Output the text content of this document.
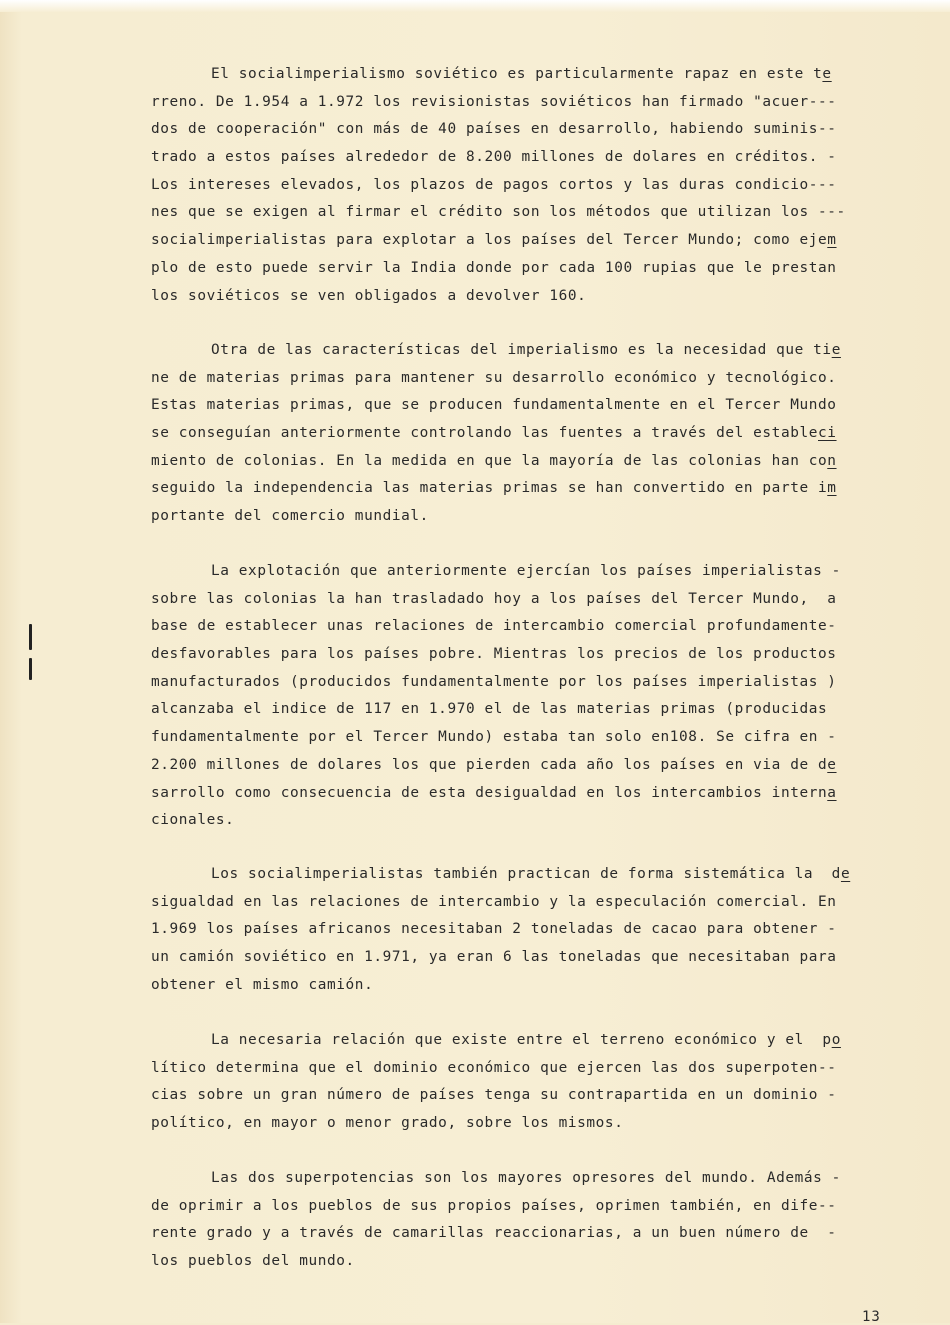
El socialimperialismo soviético es particularmente rapaz en este te
rreno. De 1.954 a 1.972 los revisionistas soviéticos han firmado "acuer---
dos de cooperación" con más de 40 países en desarrollo, habiendo suminis--
trado a estos países alrededor de 8.200 millones de dolares en créditos. -
Los intereses elevados, los plazos de pagos cortos y las duras condicio---
nes que se exigen al firmar el crédito son los métodos que utilizan los ---
socialimperialistas para explotar a los países del Tercer Mundo; como ejem
plo de esto puede servir la India donde por cada 100 rupias que le prestan
los soviéticos se ven obligados a devolver 160.
Otra de las características del imperialismo es la necesidad que tie
ne de materias primas para mantener su desarrollo económico y tecnológico.
Estas materias primas, que se producen fundamentalmente en el Tercer Mundo
se conseguían anteriormente controlando las fuentes a través del estableci
miento de colonias. En la medida en que la mayoría de las colonias han con
seguido la independencia las materias primas se han convertido en parte im
portante del comercio mundial.
La explotación que anteriormente ejercían los países imperialistas -
sobre las colonias la han trasladado hoy a los países del Tercer Mundo,  a
base de establecer unas relaciones de intercambio comercial profundamente-
desfavorables para los países pobre. Mientras los precios de los productos
manufacturados (producidos fundamentalmente por los países imperialistas )
alcanzaba el indice de 117 en 1.970 el de las materias primas (producidas
fundamentalmente por el Tercer Mundo) estaba tan solo en108. Se cifra en -
2.200 millones de dolares los que pierden cada año los países en via de de
sarrollo como consecuencia de esta desigualdad en los intercambios interna
cionales.
Los socialimperialistas también practican de forma sistemática la  de
sigualdad en las relaciones de intercambio y la especulación comercial. En
1.969 los países africanos necesitaban 2 toneladas de cacao para obtener -
un camión soviético en 1.971, ya eran 6 las toneladas que necesitaban para
obtener el mismo camión.
La necesaria relación que existe entre el terreno económico y el  po
lítico determina que el dominio económico que ejercen las dos superpoten--
cias sobre un gran número de países tenga su contrapartida en un dominio -
político, en mayor o menor grado, sobre los mismos.
Las dos superpotencias son los mayores opresores del mundo. Además -
de oprimir a los pueblos de sus propios países, oprimen también, en dife--
rente grado y a través de camarillas reaccionarias, a un buen número de  -
los pueblos del mundo.
13
